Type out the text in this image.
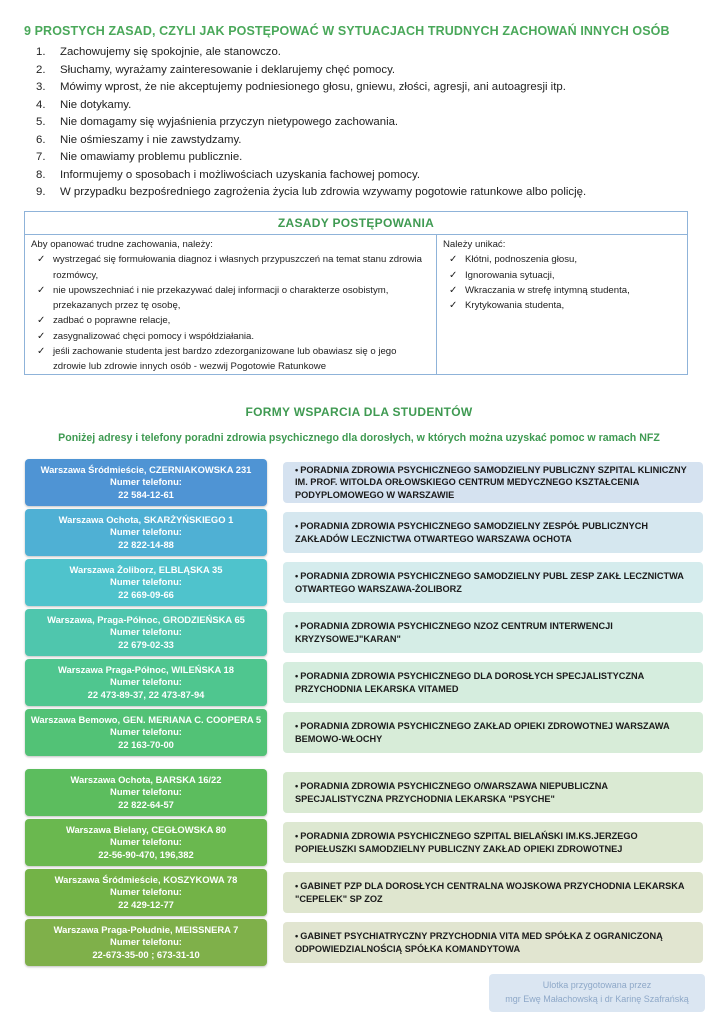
9 PROSTYCH ZASAD, CZYLI JAK POSTĘPOWAĆ W SYTUACJACH TRUDNYCH ZACHOWAŃ INNYCH OSÓB
1. Zachowujemy się spokojnie, ale stanowczo.
2. Słuchamy, wyrażamy zainteresowanie i deklarujemy chęć pomocy.
3. Mówimy wprost, że nie akceptujemy podniesionego głosu, gniewu, złości, agresji, ani autoagresji itp.
4. Nie dotykamy.
5. Nie domagamy się wyjaśnienia przyczyn nietypowego zachowania.
6. Nie ośmieszamy i nie zawstydzamy.
7. Nie omawiamy problemu publicznie.
8. Informujemy o sposobach i możliwościach uzyskania fachowej pomocy.
9. W przypadku bezpośredniego zagrożenia życia lub zdrowia wzywamy pogotowie ratunkowe albo policję.
ZASADY POSTĘPOWANIA
Aby opanować trudne zachowania, należy:
✓ wystrzegać się formułowania diagnoz i własnych przypuszczeń na temat stanu zdrowia rozmówcy,
✓ nie upowszechniać i nie przekazywać dalej informacji o charakterze osobistym, przekazanych przez tę osobę,
✓ zadbać o poprawne relacje,
✓ zasygnalizować chęci pomocy i współdziałania.
✓ jeśli zachowanie studenta jest bardzo zdezorganizowane lub obawiasz się o jego zdrowie lub zdrowie innych osób - wezwij Pogotowie Ratunkowe
Należy unikać:
✓ Kłótni, podnoszenia głosu,
✓ Ignorowania sytuacji,
✓ Wkraczania w strefę intymną studenta,
✓ Krytykowania studenta,
FORMY WSPARCIA DLA STUDENTÓW
Poniżej adresy i telefony poradni zdrowia psychicznego dla dorosłych, w których można uzyskać pomoc w ramach NFZ
Warszawa Śródmieście, CZERNIAKOWSKA 231
Numer telefonu:
22 584-12-61
• PORADNIA ZDROWIA PSYCHICZNEGO SAMODZIELNY PUBLICZNY SZPITAL KLINICZNY IM. PROF. WITOLDA ORŁOWSKIEGO CENTRUM MEDYCZNEGO KSZTAŁCENIA PODYPLOMOWEGO W WARSZAWIE
Warszawa Ochota, SKARŻYŃSKIEGO 1
Numer telefonu:
22 822-14-88
• PORADNIA ZDROWIA PSYCHICZNEGO SAMODZIELNY ZESPÓŁ PUBLICZNYCH ZAKŁADÓW LECZNICTWA OTWARTEGO WARSZAWA OCHOTA
Warszawa Żoliborz, ELBLĄSKA 35
Numer telefonu:
22 669-09-66
• PORADNIA ZDROWIA PSYCHICZNEGO SAMODZIELNY PUBL ZESP ZAKŁ LECZNICTWA OTWARTEGO WARSZAWA-ŻOLIBORZ
Warszawa, Praga-Północ, GRODZIEŃSKA 65
Numer telefonu:
22 679-02-33
• PORADNIA ZDROWIA PSYCHICZNEGO NZOZ CENTRUM INTERWENCJI KRYZYSOWEJ"KARAN"
Warszawa Praga-Północ, WILEŃSKA 18
Numer telefonu:
22 473-89-37, 22 473-87-94
• PORADNIA ZDROWIA PSYCHICZNEGO DLA DOROSŁYCH SPECJALISTYCZNA PRZYCHODNIA LEKARSKA VITAMED
Warszawa Bemowo, GEN. MERIANA C. COOPERA 5
Numer telefonu:
22 163-70-00
• PORADNIA ZDROWIA PSYCHICZNEGO ZAKŁAD OPIEKI ZDROWOTNEJ WARSZAWA BEMOWO-WŁOCHY
Warszawa Ochota, BARSKA 16/22
Numer telefonu:
22 822-64-57
• PORADNIA ZDROWIA PSYCHICZNEGO O/WARSZAWA NIEPUBLICZNA SPECJALISTYCZNA PRZYCHODNIA LEKARSKA "PSYCHE"
Warszawa Bielany, CEGŁOWSKA 80
Numer telefonu:
22-56-90-470, 196,382
• PORADNIA ZDROWIA PSYCHICZNEGO SZPITAL BIELAŃSKI IM.KS.JERZEGO POPIEŁUSZKI SAMODZIELNY PUBLICZNY ZAKŁAD OPIEKI ZDROWOTNEJ
Warszawa Śródmieście, KOSZYKOWA 78
Numer telefonu:
22 429-12-77
• GABINET PZP DLA DOROSŁYCH CENTRALNA WOJSKOWA PRZYCHODNIA LEKARSKA "CEPELEK" SP ZOZ
Warszawa Praga-Południe, MEISSNERA 7
Numer telefonu:
22-673-35-00 ; 673-31-10
• GABINET PSYCHIATRYCZNY PRZYCHODNIA VITA MED SPÓŁKA Z OGRANICZONĄ ODPOWIEDZIALNOŚCIĄ SPÓŁKA KOMANDYTOWA
Ulotka przygotowana przez
mgr Ewę Małachowską i dr Karinę Szafrańską
